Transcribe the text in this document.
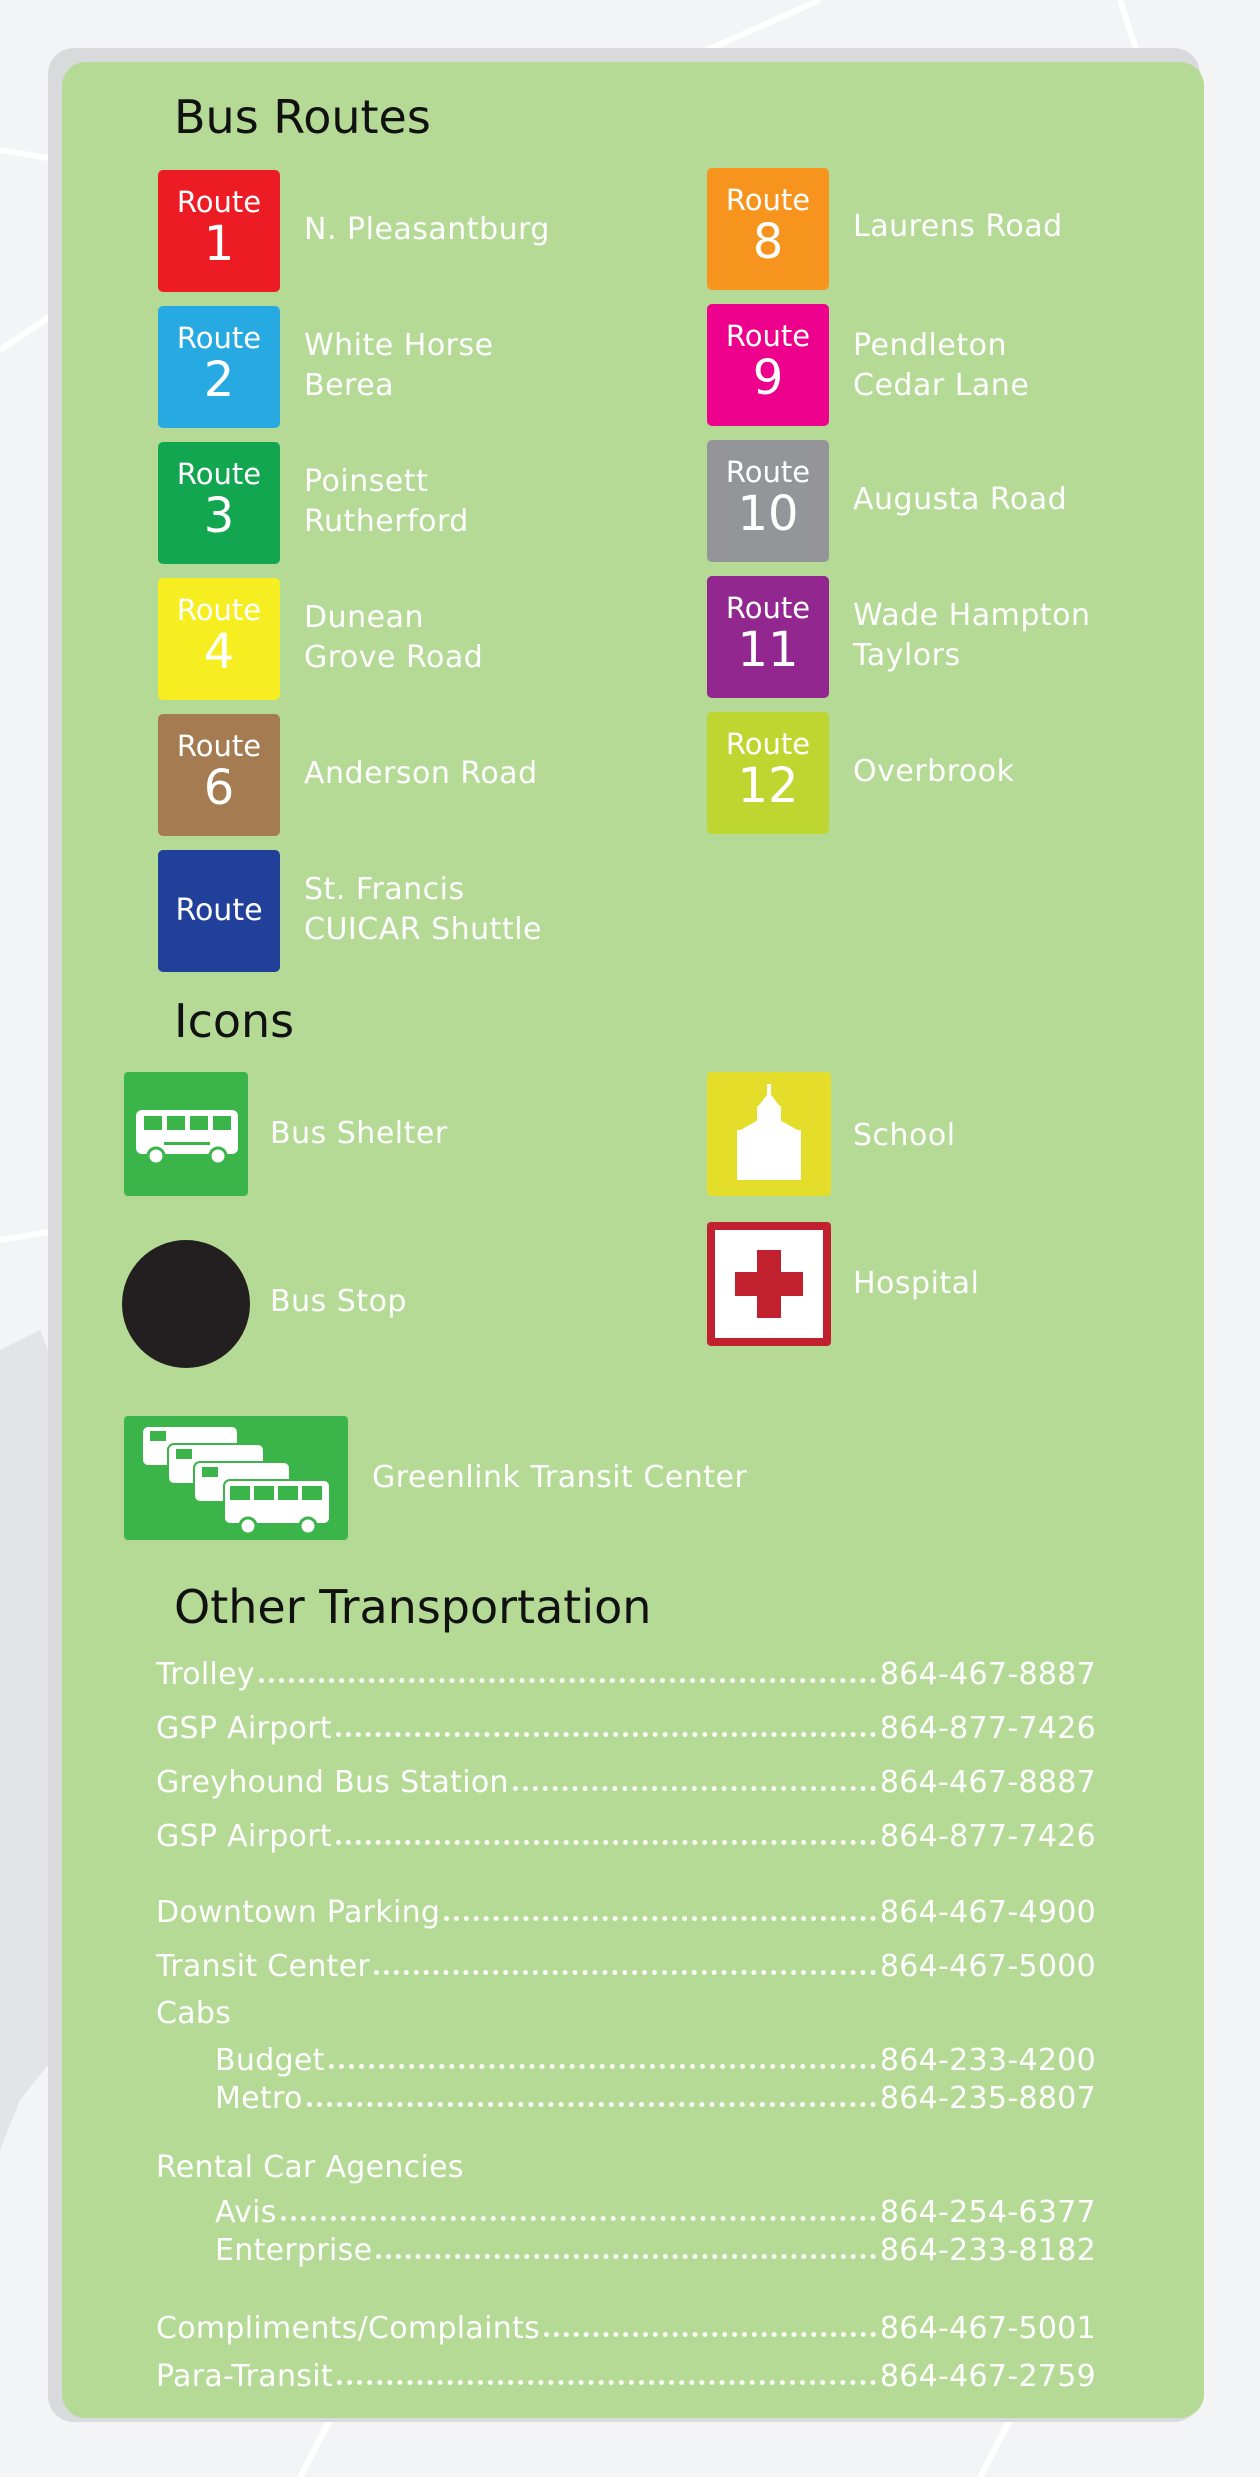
Bus Routes
Route
1	N. Pleasantburg
Route
2
White Horse
Berea
Route
3
Poinsett
Rutherford
Route
4
Dunean
Grove Road
Route
6	Anderson Road
Route
St. Francis
CUICAR Shuttle
Route
8	Laurens Road
Route
9
Pendleton
Cedar Lane
Route
10	Augusta Road
Route
11
Wade Hampton
Taylors
Route
12	Overbrook
Icons
Bus Shelter	School
Bus Stop
Hospital
Greenlink Transit Center
Other Transportation
Trolley	864-467-8887
GSP Airport	864-877-7426
Greyhound Bus Station	864-467-8887
GSP Airport	864-877-7426
Downtown Parking	864-467-4900
Transit Center	864-467-5000
Cabs
Budget	864-233-4200
Metro	864-235-8807
Rental Car Agencies
Avis	864-254-6377
Enterprise	864-233-8182
Compliments/Complaints	864-467-5001
Para-Transit	864-467-2759
